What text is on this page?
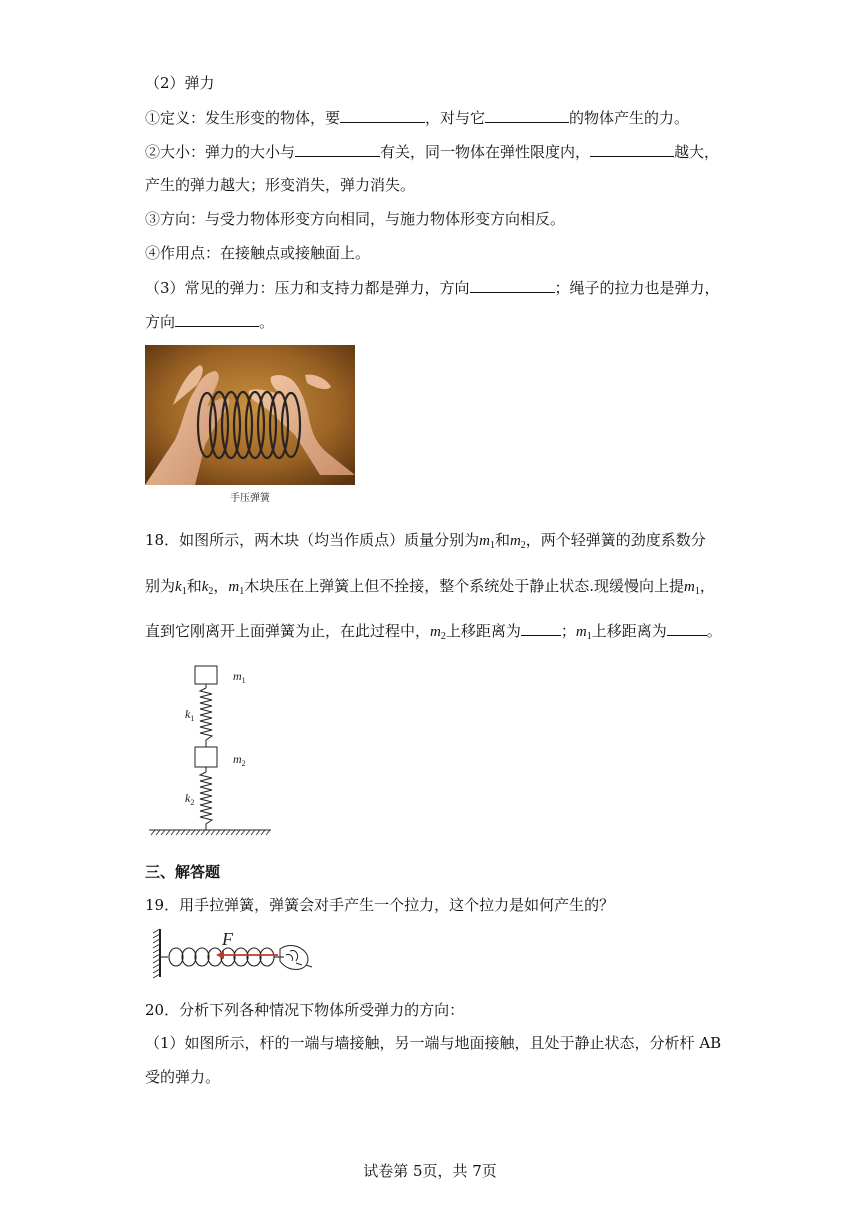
（2）弹力
①定义：发生形变的物体，要	，对与它	的物体产生的力。
②大小：弹力的大小与	有关，同一物体在弹性限度内，	越大，
产生的弹力越大；形变消失，弹力消失。
③方向：与受力物体形变方向相同，与施力物体形变方向相反。
④作用点：在接触点或接触面上。
（3）常见的弹力：压力和支持力都是弹力，方向	；绳子的拉力也是弹力，
方向	。
手压弹簧
18．如图所示，两木块（均当作质点）质量分别为$m_1$和$m_2$，两个轻弹簧的劲度系数分
别为$k_1$和$k_2$，$m_1$木块压在上弹簧上但不拴接，整个系统处于静止状态.现缓慢向上提$m_1$，
直到它刚离开上面弹簧为止，在此过程中，$m_2$上移距离为	；$m_1$上移距离为	。
$m_1$
$k_1$
$m_2$
$k_2$
三、解答题
19．用手拉弹簧，弹簧会对手产生一个拉力，这个拉力是如何产生的？
F
20．分析下列各种情况下物体所受弹力的方向：
（1）如图所示，杆的一端与墙接触，另一端与地面接触，且处于静止状态，分析杆 AB
受的弹力。
试卷第 5页，共 7页
